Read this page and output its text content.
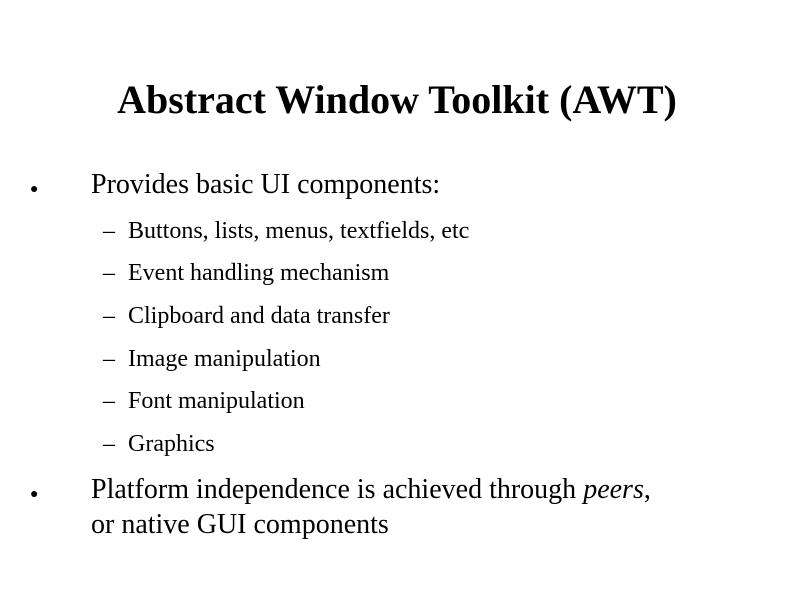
Abstract Window Toolkit (AWT)
● Provides basic UI components:
– Buttons, lists, menus, textfields, etc
– Event handling mechanism
– Clipboard and data transfer
– Image manipulation
– Font manipulation
– Graphics
● Platform independence is achieved through peers,
or native GUI components
